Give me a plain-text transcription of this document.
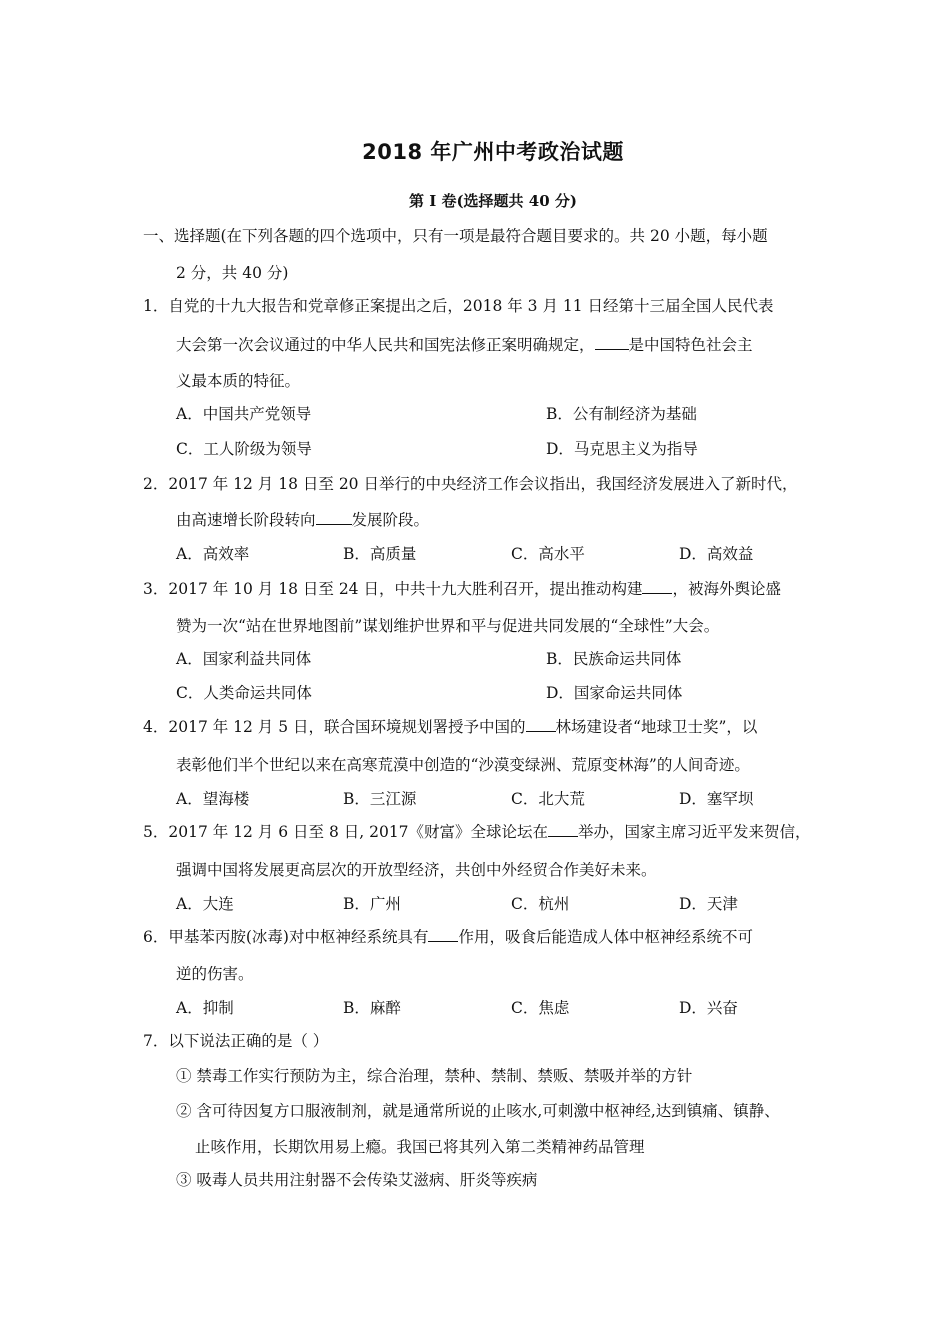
2018 年广州中考政治试题
第 I 卷(选择题共 40 分)
一、选择题(在下列各题的四个选项中，只有一项是最符合题目要求的。共 20 小题，每小题
2 分，共 40 分)
1．自党的十九大报告和党章修正案提出之后，2018 年 3 月 11 日经第十三届全国人民代表
大会第一次会议通过的中华人民共和国宪法修正案明确规定， 是中国特色社会主
义最本质的特征。
A．中国共产党领导	B．公有制经济为基础
C．工人阶级为领导	D．马克思主义为指导
2．2017 年 12 月 18 日至 20 日举行的中央经济工作会议指出，我国经济发展进入了新时代，
由高速增长阶段转向 发展阶段。
A．高效率	B．高质量	C．高水平	D．高效益
3．2017 年 10 月 18 日至 24 日，中共十九大胜利召开，提出推动构建 ，被海外舆论盛
赞为一次“站在世界地图前”谋划维护世界和平与促进共同发展的“全球性”大会。
A．国家利益共同体	B．民族命运共同体
C．人类命运共同体	D．国家命运共同体
4．2017 年 12 月 5 日，联合国环境规划署授予中国的 林场建设者“地球卫士奖”，以
表彰他们半个世纪以来在高寒荒漠中创造的“沙漠变绿洲、荒原变林海”的人间奇迹。
A．望海楼	B．三江源	C．北大荒	D．塞罕坝
5．2017 年 12 月 6 日至 8 日, 2017《财富》全球论坛在 举办，国家主席习近平发来贺信，
强调中国将发展更高层次的开放型经济，共创中外经贸合作美好未来。
A．大连	B．广州	C．杭州	D．天津
6．甲基苯丙胺(冰毒)对中枢神经系统具有 作用，吸食后能造成人体中枢神经系统不可
逆的伤害。
A．抑制	B．麻醉	C．焦虑	D．兴奋
7．以下说法正确的是（ ）
① 禁毒工作实行预防为主，综合治理，禁种、禁制、禁贩、禁吸并举的方针
② 含可待因复方口服液制剂，就是通常所说的止咳水,可刺激中枢神经,达到镇痛、镇静、
止咳作用，长期饮用易上瘾。我国已将其列入第二类精神药品管理
③ 吸毒人员共用注射器不会传染艾滋病、肝炎等疾病
